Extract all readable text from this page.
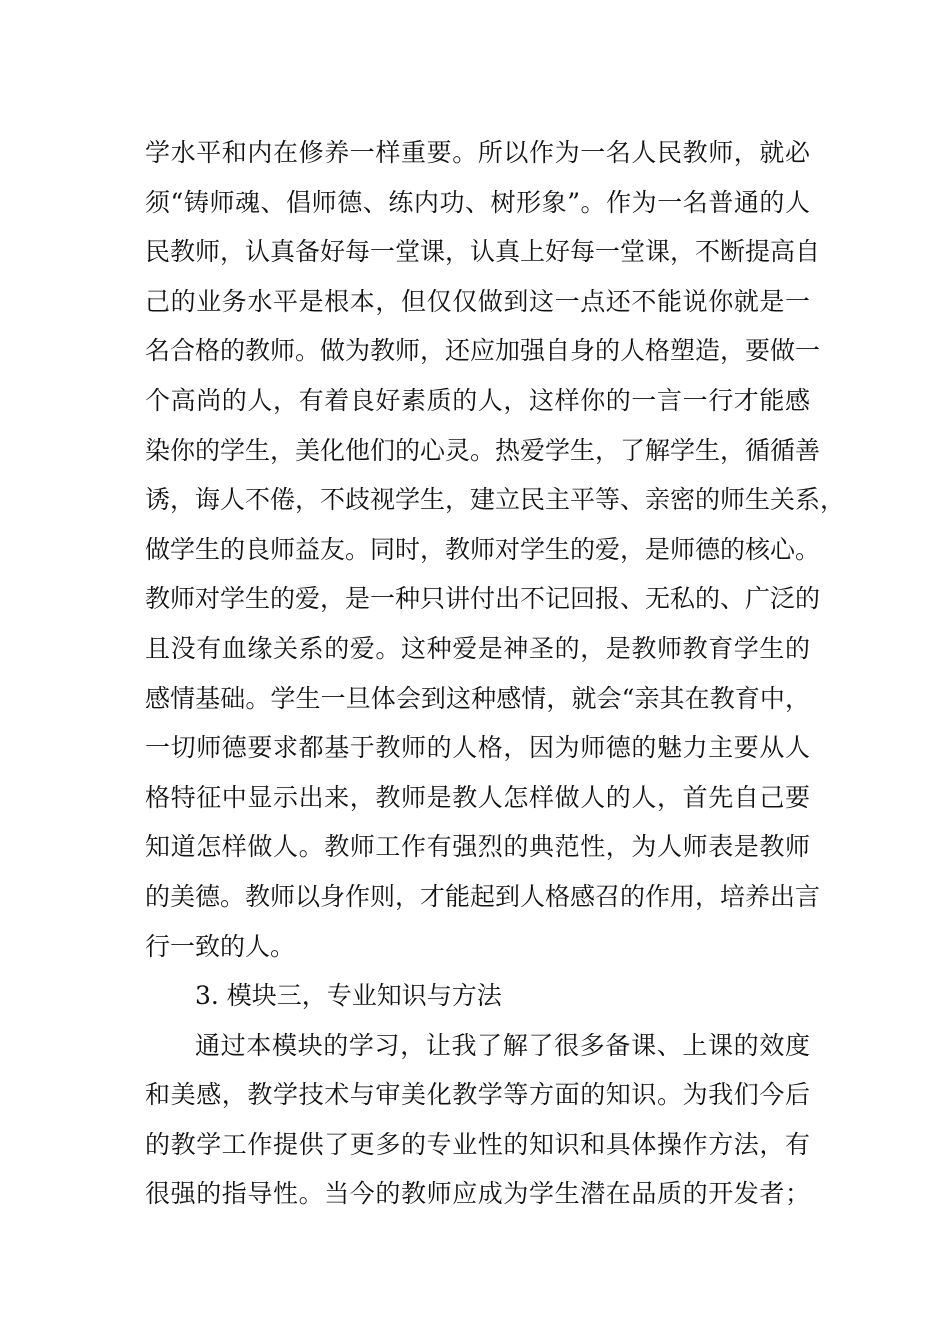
学水平和内在修养一样重要。所以作为一名人民教师，就必
须“铸师魂、倡师德、练内功、树形象”。作为一名普通的人
民教师，认真备好每一堂课，认真上好每一堂课，不断提高自
己的业务水平是根本，但仅仅做到这一点还不能说你就是一
名合格的教师。做为教师，还应加强自身的人格塑造，要做一
个高尚的人，有着良好素质的人，这样你的一言一行才能感
染你的学生，美化他们的心灵。热爱学生，了解学生，循循善
诱，诲人不倦，不歧视学生，建立民主平等、亲密的师生关系，
做学生的良师益友。同时，教师对学生的爱，是师德的核心。
教师对学生的爱，是一种只讲付出不记回报、无私的、广泛的
且没有血缘关系的爱。这种爱是神圣的，是教师教育学生的
感情基础。学生一旦体会到这种感情，就会“亲其在教育中，
一切师德要求都基于教师的人格，因为师德的魅力主要从人
格特征中显示出来，教师是教人怎样做人的人，首先自己要
知道怎样做人。教师工作有强烈的典范性，为人师表是教师
的美德。教师以身作则，才能起到人格感召的作用，培养出言
行一致的人。
3. 模块三，专业知识与方法
通过本模块的学习，让我了解了很多备课、上课的效度
和美感，教学技术与审美化教学等方面的知识。为我们今后
的教学工作提供了更多的专业性的知识和具体操作方法，有
很强的指导性。当今的教师应成为学生潜在品质的开发者；
